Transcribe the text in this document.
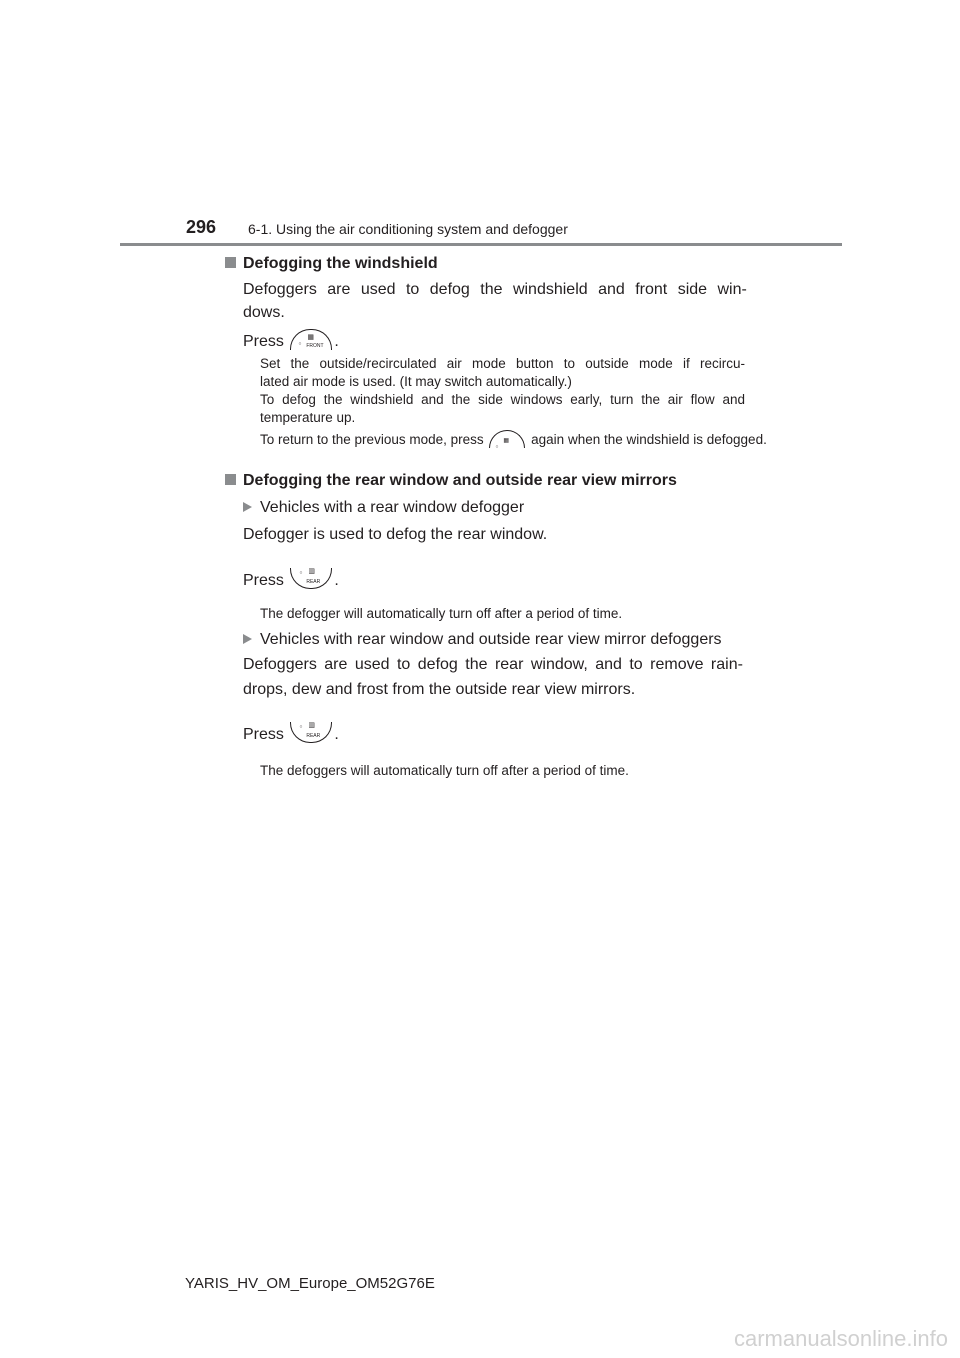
296 6-1. Using the air conditioning system and defogger
Defogging the windshield
Defoggers are used to defog the windshield and front side win-
dows.
Press	○
▦
FRONT .
Set the outside/recirculated air mode button to outside mode if recircu-
lated air mode is used. (It may switch automatically.)
To defog the windshield and the side windows early, turn the air flow and temperature up.
To return to the previous mode, press ○
▦ again when the windshield is defogged.
Defogging the rear window and outside rear view mirrors
Vehicles with a rear window defogger
Defogger is used to defog the rear window.
Press	○ ▥
REAR .
The defogger will automatically turn off after a period of time.
Vehicles with rear window and outside rear view mirror defoggers
Defoggers are used to defog the rear window, and to remove rain-
drops, dew and frost from the outside rear view mirrors.
Press	○ ▥
REAR .
The defoggers will automatically turn off after a period of time.
YARIS_HV_OM_Europe_OM52G76E
carmanualsonline.info
